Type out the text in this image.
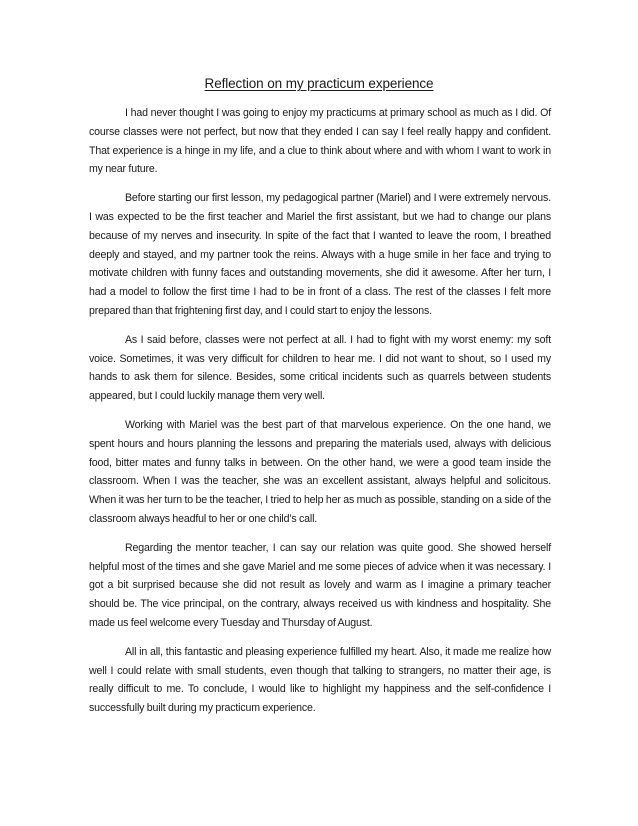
Reflection on my practicum experience

I had never thought I was going to enjoy my practicums at primary school as much as I did. Of course classes were not perfect, but now that they ended I can say I feel really happy and confident. That experience is a hinge in my life, and a clue to think about where and with whom I want to work in my near future.

Before starting our first lesson, my pedagogical partner (Mariel) and I were extremely nervous. I was expected to be the first teacher and Mariel the first assistant, but we had to change our plans because of my nerves and insecurity. In spite of the fact that I wanted to leave the room, I breathed deeply and stayed, and my partner took the reins. Always with a huge smile in her face and trying to motivate children with funny faces and outstanding movements, she did it awesome. After her turn, I had a model to follow the first time I had to be in front of a class. The rest of the classes I felt more prepared than that frightening first day, and I could start to enjoy the lessons.

As I said before, classes were not perfect at all. I had to fight with my worst enemy: my soft voice. Sometimes, it was very difficult for children to hear me. I did not want to shout, so I used my hands to ask them for silence. Besides, some critical incidents such as quarrels between students appeared, but I could luckily manage them very well.

Working with Mariel was the best part of that marvelous experience. On the one hand, we spent hours and hours planning the lessons and preparing the materials used, always with delicious food, bitter mates and funny talks in between. On the other hand, we were a good team inside the classroom. When I was the teacher, she was an excellent assistant, always helpful and solicitous. When it was her turn to be the teacher, I tried to help her as much as possible, standing on a side of the classroom always headful to her or one child’s call.

Regarding the mentor teacher, I can say our relation was quite good. She showed herself helpful most of the times and she gave Mariel and me some pieces of advice when it was necessary. I got a bit surprised because she did not result as lovely and warm as I imagine a primary teacher should be. The vice principal, on the contrary, always received us with kindness and hospitality. She made us feel welcome every Tuesday and Thursday of August.

All in all, this fantastic and pleasing experience fulfilled my heart. Also, it made me realize how well I could relate with small students, even though that talking to strangers, no matter their age, is really difficult to me. To conclude, I would like to highlight my happiness and the self-confidence I successfully built during my practicum experience.
